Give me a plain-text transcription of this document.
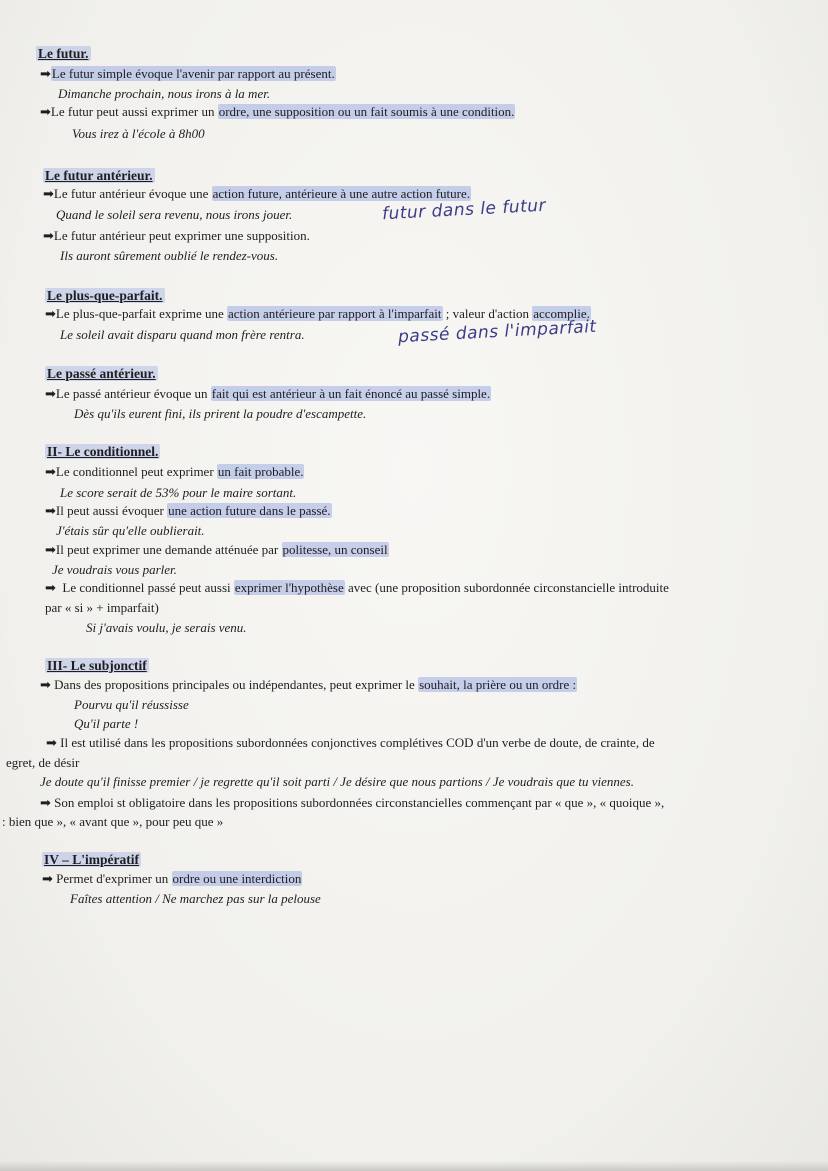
Le futur.
➡Le futur simple évoque l'avenir par rapport au présent.
Dimanche prochain, nous irons à la mer.
➡Le futur peut aussi exprimer un ordre, une supposition ou un fait soumis à une condition.
Vous irez à l'école à 8h00
Le futur antérieur.
➡Le futur antérieur évoque une action future, antérieure à une autre action future.
Quand le soleil sera revenu, nous irons jouer.	futur dans le futur
➡Le futur antérieur peut exprimer une supposition.
Ils auront sûrement oublié le rendez-vous.
Le plus-que-parfait.
➡Le plus-que-parfait exprime une action antérieure par rapport à l'imparfait ; valeur d'action accomplie.
Le soleil avait disparu quand mon frère rentra.	passé dans l'imparfait
Le passé antérieur.
➡Le passé antérieur évoque un fait qui est antérieur à un fait énoncé au passé simple.
Dès qu'ils eurent fini, ils prirent la poudre d'escampette.
II- Le conditionnel.
➡Le conditionnel peut exprimer un fait probable.
Le score serait de 53% pour le maire sortant.
➡Il peut aussi évoquer une action future dans le passé.
J'étais sûr qu'elle oublierait.
➡Il peut exprimer une demande atténuée par politesse, un conseil
Je voudrais vous parler.
➡ Le conditionnel passé peut aussi exprimer l'hypothèse avec (une proposition subordonnée circonstancielle introduite
par « si » + imparfait)
Si j'avais voulu, je serais venu.
III- Le subjonctif
➡ Dans des propositions principales ou indépendantes, peut exprimer le souhait, la prière ou un ordre :
Pourvu qu'il réussisse
Qu'il parte !
➡ Il est utilisé dans les propositions subordonnées conjonctives complétives COD d'un verbe de doute, de crainte, de
egret, de désir
Je doute qu'il finisse premier / je regrette qu'il soit parti / Je désire que nous partions / Je voudrais que tu viennes.
➡ Son emploi st obligatoire dans les propositions subordonnées circonstancielles commençant par « que », « quoique »,
: bien que », « avant que », pour peu que »
IV – L'impératif
➡ Permet d'exprimer un ordre ou une interdiction
Faîtes attention / Ne marchez pas sur la pelouse
